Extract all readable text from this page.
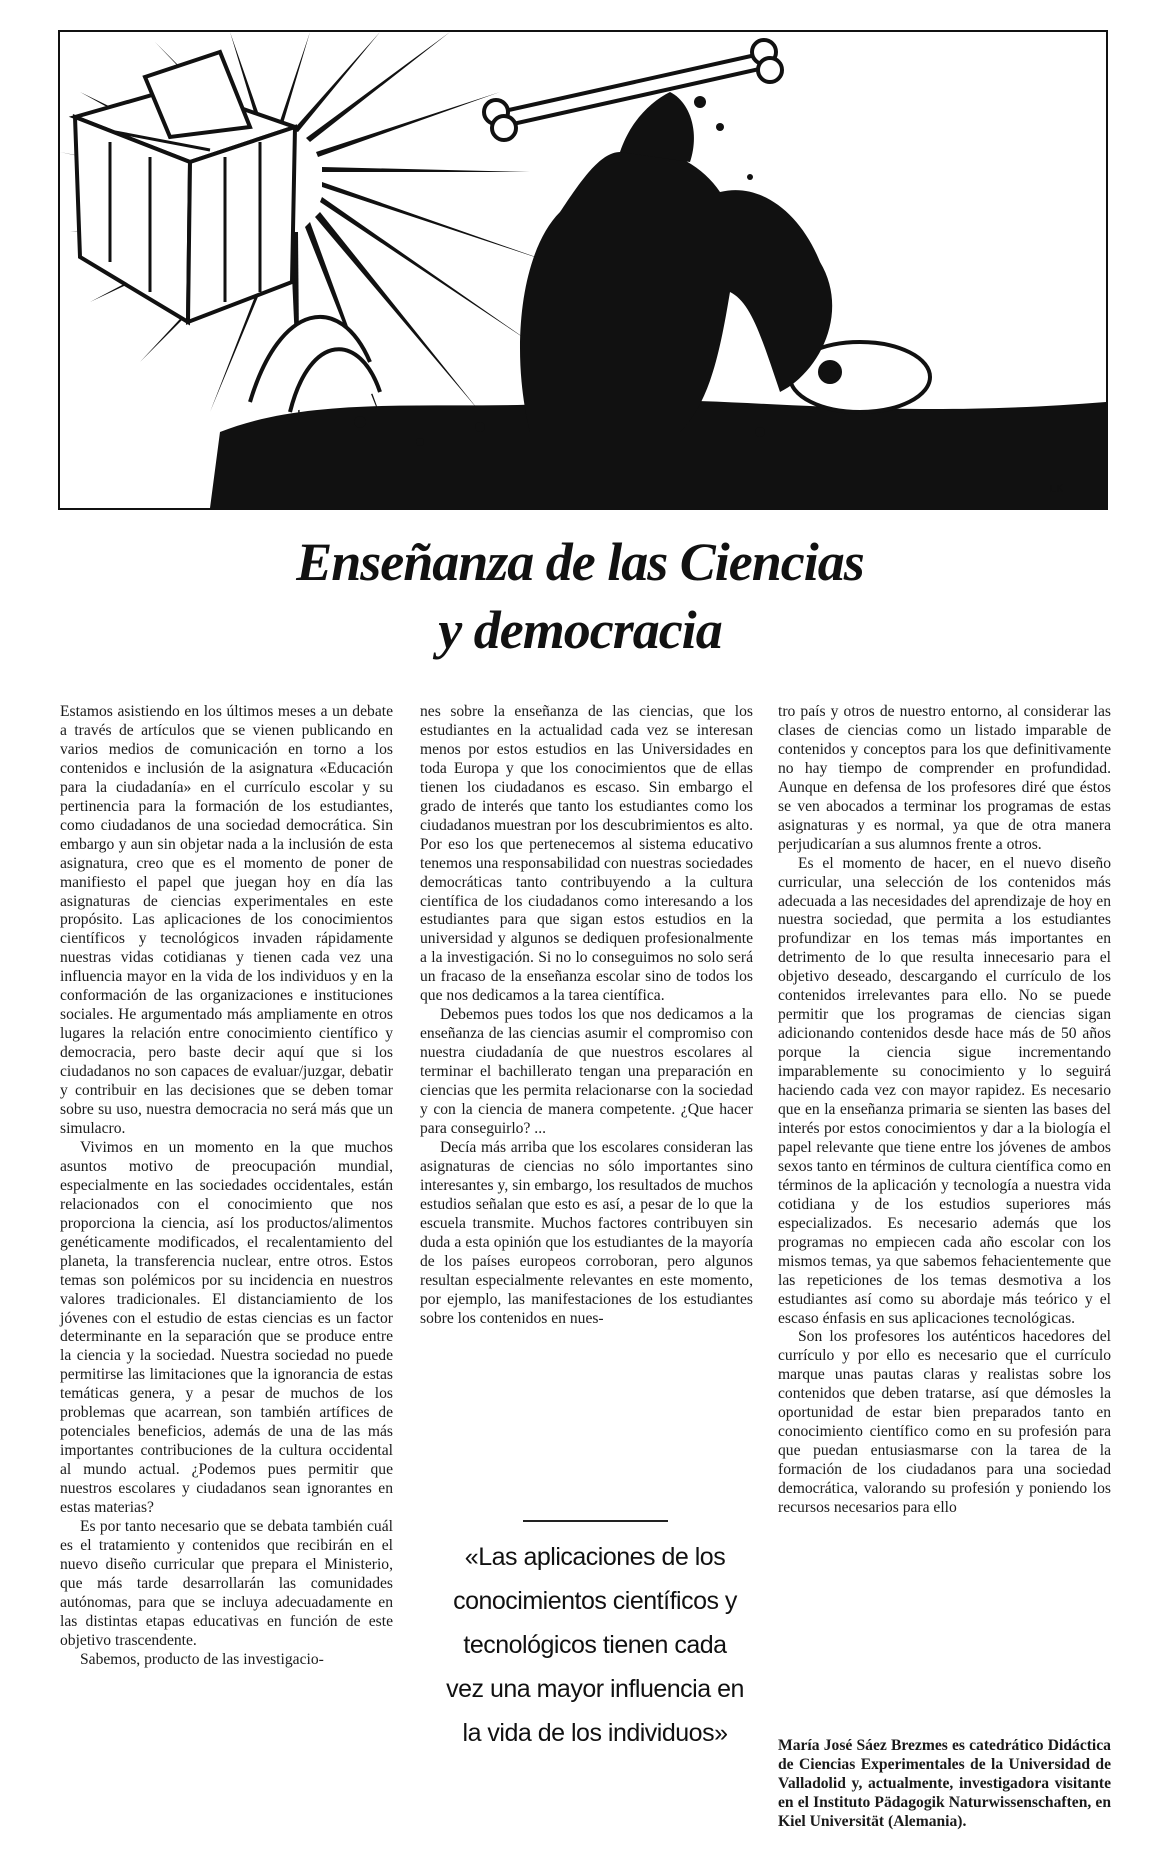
LK
Enseñanza de las Ciencias
y democracia

Estamos asistiendo en los últimos meses a un debate a través de artículos que se vienen publicando en varios medios de comunicación en torno a los contenidos e inclusión de la asignatura «Educación para la ciudadanía» en el currículo escolar y su pertinencia para la formación de los estudiantes, como ciudadanos de una sociedad democrática. Sin embargo y aun sin objetar nada a la inclusión de esta asignatura, creo que es el momento de poner de manifiesto el papel que juegan hoy en día las asignaturas de ciencias experimentales en este propósito. Las aplicaciones de los conocimientos científicos y tecnológicos invaden rápidamente nuestras vidas cotidianas y tienen cada vez una influencia mayor en la vida de los individuos y en la conformación de las organizaciones e instituciones sociales. He argumentado más ampliamente en otros lugares la relación entre conocimiento científico y democracia, pero baste decir aquí que si los ciudadanos no son capaces de evaluar/juzgar, debatir y contribuir en las decisiones que se deben tomar sobre su uso, nuestra democracia no será más que un simulacro.

Vivimos en un momento en la que muchos asuntos motivo de preocupación mundial, especialmente en las sociedades occidentales, están relacionados con el conocimiento que nos proporciona la ciencia, así los productos/alimentos genéticamente modificados, el recalentamiento del planeta, la transferencia nuclear, entre otros. Estos temas son polémicos por su incidencia en nuestros valores tradicionales. El distanciamiento de los jóvenes con el estudio de estas ciencias es un factor determinante en la separación que se produce entre la ciencia y la sociedad. Nuestra sociedad no puede permitirse las limitaciones que la ignorancia de estas temáticas genera, y a pesar de muchos de los problemas que acarrean, son también artífices de potenciales beneficios, además de una de las más importantes contribuciones de la cultura occidental al mundo actual. ¿Podemos pues permitir que nuestros escolares y ciudadanos sean ignorantes en estas materias?

Es por tanto necesario que se debata también cuál es el tratamiento y contenidos que recibirán en el nuevo diseño curricular que prepara el Ministerio, que más tarde desarrollarán las comunidades autónomas, para que se incluya adecuadamente en las distintas etapas educativas en función de este objetivo trascendente.

Sabemos, producto de las investigacio-

nes sobre la enseñanza de las ciencias, que los estudiantes en la actualidad cada vez se interesan menos por estos estudios en las Universidades en toda Europa y que los conocimientos que de ellas tienen los ciudadanos es escaso. Sin embargo el grado de interés que tanto los estudiantes como los ciudadanos muestran por los descubrimientos es alto. Por eso los que pertenecemos al sistema educativo tenemos una responsabilidad con nuestras sociedades democráticas tanto contribuyendo a la cultura científica de los ciudadanos como interesando a los estudiantes para que sigan estos estudios en la universidad y algunos se dediquen profesionalmente a la investigación. Si no lo conseguimos no solo será un fracaso de la enseñanza escolar sino de todos los que nos dedicamos a la tarea científica.

Debemos pues todos los que nos dedicamos a la enseñanza de las ciencias asumir el compromiso con nuestra ciudadanía de que nuestros escolares al terminar el bachillerato tengan una preparación en ciencias que les permita relacionarse con la sociedad y con la ciencia de manera competente. ¿Que hacer para conseguirlo? ...

Decía más arriba que los escolares consideran las asignaturas de ciencias no sólo importantes sino interesantes y, sin embargo, los resultados de muchos estudios señalan que esto es así, a pesar de lo que la escuela transmite. Muchos factores contribuyen sin duda a esta opinión que los estudiantes de la mayoría de los países europeos corroboran, pero algunos resultan especialmente relevantes en este momento, por ejemplo, las manifestaciones de los estudiantes sobre los contenidos en nues-

tro país y otros de nuestro entorno, al considerar las clases de ciencias como un listado imparable de contenidos y conceptos para los que definitivamente no hay tiempo de comprender en profundidad. Aunque en defensa de los profesores diré que éstos se ven abocados a terminar los programas de estas asignaturas y es normal, ya que de otra manera perjudicarían a sus alumnos frente a otros.

Es el momento de hacer, en el nuevo diseño curricular, una selección de los contenidos más adecuada a las necesidades del aprendizaje de hoy en nuestra sociedad, que permita a los estudiantes profundizar en los temas más importantes en detrimento de lo que resulta innecesario para el objetivo deseado, descargando el currículo de los contenidos irrelevantes para ello. No se puede permitir que los programas de ciencias sigan adicionando contenidos desde hace más de 50 años porque la ciencia sigue incrementando imparablemente su conocimiento y lo seguirá haciendo cada vez con mayor rapidez. Es necesario que en la enseñanza primaria se sienten las bases del interés por estos conocimientos y dar a la biología el papel relevante que tiene entre los jóvenes de ambos sexos tanto en términos de cultura científica como en términos de la aplicación y tecnología a nuestra vida cotidiana y de los estudios superiores más especializados. Es necesario además que los programas no empiecen cada año escolar con los mismos temas, ya que sabemos fehacientemente que las repeticiones de los temas desmotiva a los estudiantes así como su abordaje más teórico y el escaso énfasis en sus aplicaciones tecnológicas.

Son los profesores los auténticos hacedores del currículo y por ello es necesario que el currículo marque unas pautas claras y realistas sobre los contenidos que deben tratarse, así que démosles la oportunidad de estar bien preparados tanto en conocimiento científico como en su profesión para que puedan entusiasmarse con la tarea de la formación de los ciudadanos para una sociedad democrática, valorando su profesión y poniendo los recursos necesarios para ello

«Las aplicaciones de los conocimientos científicos y tecnológicos tienen cada vez una mayor influencia en la vida de los individuos»	María José Sáez Brezmes es catedrático Didáctica de Ciencias Experimentales de la Universidad de Valladolid y, actualmente, investigadora visitante en el Instituto Pädagogik Naturwissenschaften, en Kiel Universität (Alemania).
